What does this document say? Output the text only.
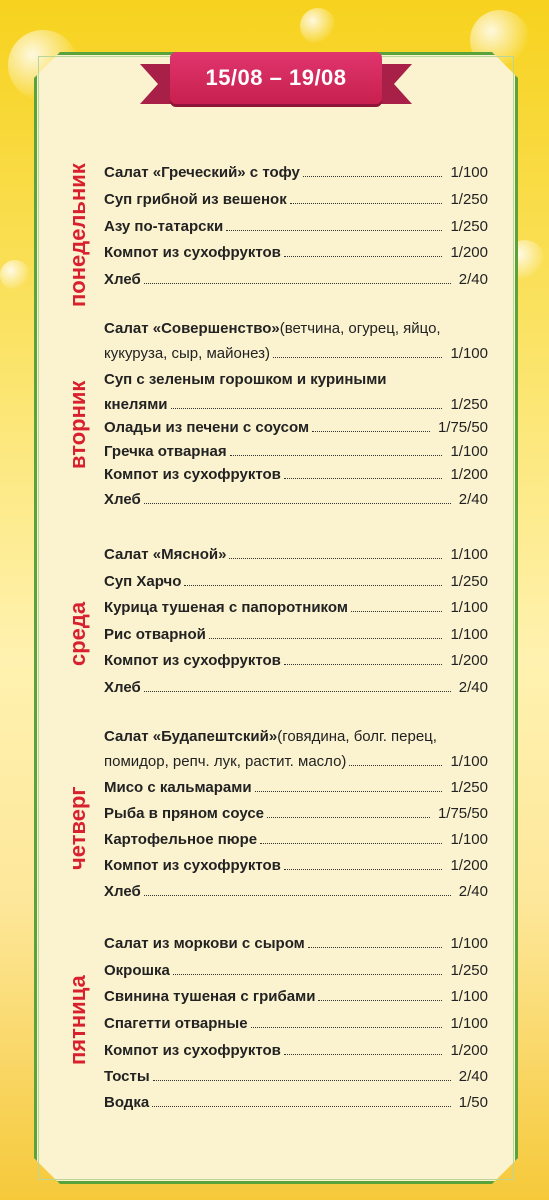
15/08 – 19/08
понедельник Салат «Греческий» с тофу	1/100
Суп грибной из вешенок	1/250
Азу по-татарски	1/250
Компот из сухофруктов	1/200
Хлеб	2/40
вторник
Салат «Совершенство» (ветчина, огурец, яйцо,
кукуруза, сыр, майонез)	1/100
Суп с зеленым горошком и куриными
кнелями	1/250
Оладьи из печени с соусом	1/75/50
Гречка отварная	1/100
Компот из сухофруктов	1/200
Хлеб	2/40
среда
Салат «Мясной»	1/100
Суп Харчо	1/250
Курица тушеная с папоротником	1/100
Рис отварной	1/100
Компот из сухофруктов	1/200
Хлеб	2/40
четверг
Салат «Будапештский» (говядина, болг. перец,
помидор, репч. лук, растит. масло)	1/100
Мисо с кальмарами	1/250
Рыба в пряном соусе	1/75/50
Картофельное пюре	1/100
Компот из сухофруктов	1/200
Хлеб	2/40
пятница
Салат из моркови с сыром	1/100
Окрошка	1/250
Свинина тушеная с грибами	1/100
Спагетти отварные	1/100
Компот из сухофруктов	1/200
Тосты	2/40
Водка	1/50
